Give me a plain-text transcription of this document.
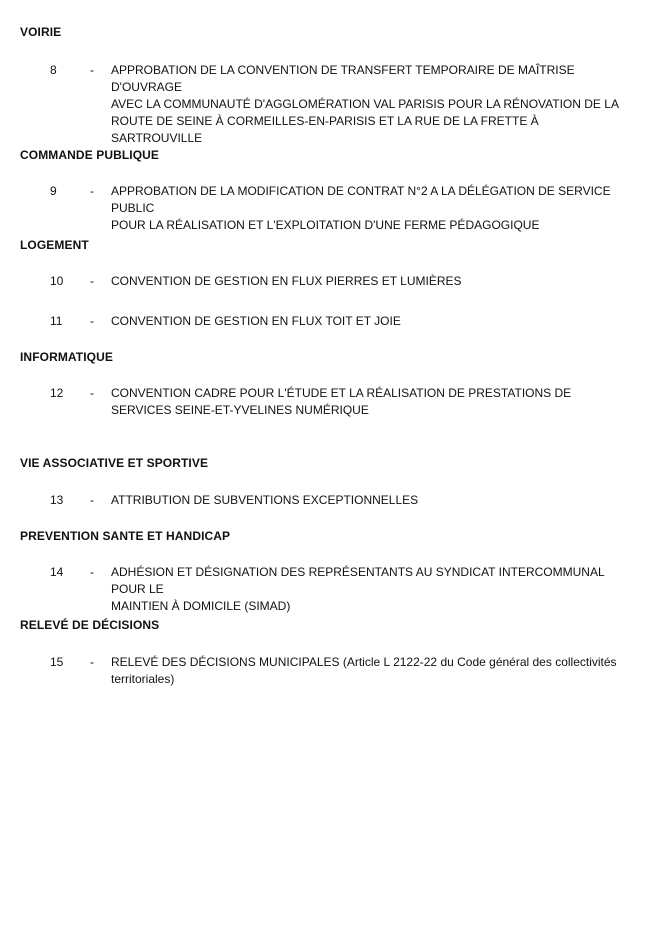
VOIRIE
8	- APPROBATION DE LA CONVENTION DE TRANSFERT TEMPORAIRE DE MAÎTRISE D'OUVRAGE
AVEC LA COMMUNAUTÉ D'AGGLOMÉRATION VAL PARISIS POUR LA RÉNOVATION DE LA
ROUTE DE SEINE À CORMEILLES-EN-PARISIS ET LA RUE DE LA FRETTE À SARTROUVILLE
COMMANDE PUBLIQUE
9	- APPROBATION DE LA MODIFICATION DE CONTRAT N°2 A LA DÉLÉGATION DE SERVICE PUBLIC
POUR LA RÉALISATION ET L'EXPLOITATION D'UNE FERME PÉDAGOGIQUE
LOGEMENT
10 - CONVENTION DE GESTION EN FLUX PIERRES ET LUMIÈRES
11 - CONVENTION DE GESTION EN FLUX TOIT ET JOIE
INFORMATIQUE
12 - CONVENTION CADRE POUR L'ÉTUDE ET LA RÉALISATION DE PRESTATIONS DE
SERVICES SEINE-ET-YVELINES NUMÉRIQUE
VIE ASSOCIATIVE ET SPORTIVE
13 - ATTRIBUTION DE SUBVENTIONS EXCEPTIONNELLES
PREVENTION SANTE ET HANDICAP
14 - ADHÉSION ET DÉSIGNATION DES REPRÉSENTANTS AU SYNDICAT INTERCOMMUNAL POUR LE
MAINTIEN À DOMICILE (SIMAD)
RELEVÉ DE DÉCISIONS
15 - RELEVÉ DES DÉCISIONS MUNICIPALES (Article L 2122-22 du Code général des collectivités
territoriales)
